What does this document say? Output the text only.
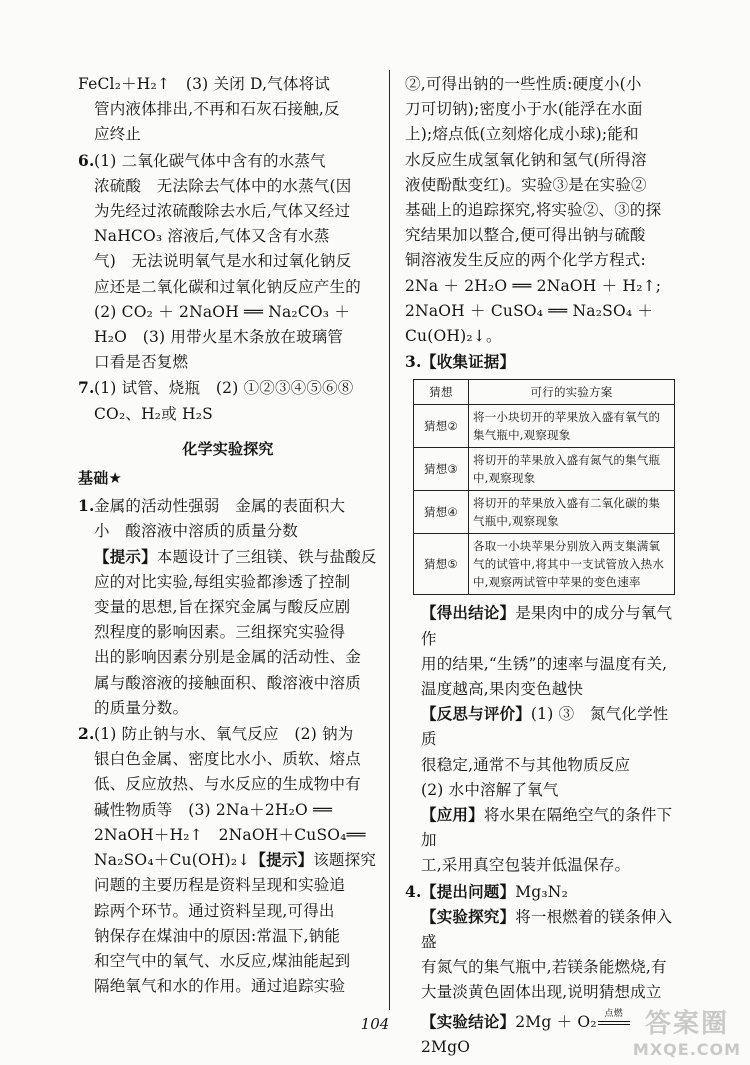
FeCl₂＋H₂↑　(3) 关闭 D,气体将试

管内液体排出,不再和石灰石接触,反

应终止

6.(1) 二氧化碳气体中含有的水蒸气

浓硫酸　无法除去气体中的水蒸气(因

为先经过浓硫酸除去水后,气体又经过

NaHCO₃ 溶液后,气体又含有水蒸

气)　无法说明氧气是水和过氧化钠反

应还是二氧化碳和过氧化钠反应产生的

(2) CO₂ ＋ 2NaOH ══ Na₂CO₃ ＋

H₂O　(3) 用带火星木条放在玻璃管

口看是否复燃

7.(1) 试管、烧瓶　(2) ①②③④⑤⑥⑧

CO₂、H₂或 H₂S

化学实验探究
基础★

1.金属的活动性强弱　金属的表面积大

小　酸溶液中溶质的质量分数

【提示】本题设计了三组镁、铁与盐酸反

应的对比实验,每组实验都渗透了控制

变量的思想,旨在探究金属与酸反应剧

烈程度的影响因素。三组探究实验得

出的影响因素分别是金属的活动性、金

属与酸溶液的接触面积、酸溶液中溶质

的质量分数。

2.(1) 防止钠与水、氧气反应　(2) 钠为

银白色金属、密度比水小、质软、熔点

低、反应放热、与水反应的生成物中有

碱性物质等　(3) 2Na＋2H₂O ══

2NaOH＋H₂↑　2NaOH＋CuSO₄══

Na₂SO₄＋Cu(OH)₂↓【提示】该题探究

问题的主要历程是资料呈现和实验追

踪两个环节。通过资料呈现,可得出

钠保存在煤油中的原因:常温下,钠能

和空气中的氧气、水反应,煤油能起到

隔绝氧气和水的作用。通过追踪实验

②,可得出钠的一些性质:硬度小(小

刀可切钠);密度小于水(能浮在水面

上);熔点低(立刻熔化成小球);能和

水反应生成氢氧化钠和氢气(所得溶

液使酚酞变红)。实验③是在实验②

基础上的追踪探究,将实验②、③的探

究结果加以整合,便可得出钠与硫酸

铜溶液发生反应的两个化学方程式:

2Na ＋ 2H₂O ══ 2NaOH ＋ H₂↑;

2NaOH ＋ CuSO₄ ══ Na₂SO₄ ＋

Cu(OH)₂↓。

3.【收集证据】

猜想	可行的实验方案
猜想②	将一小块切开的苹果放入盛有氧气的集气瓶中,观察现象
猜想③	将切开的苹果放入盛有氮气的集气瓶中,观察现象
猜想④	将切开的苹果放入盛有二氧化碳的集气瓶中,观察现象
猜想⑤	各取一小块苹果分别放入两支集满氧气的试管中,将其中一支试管放入热水中,观察两试管中苹果的变色速率

【得出结论】是果肉中的成分与氧气作

用的结果,“生锈”的速率与温度有关,

温度越高,果肉变色越快

【反思与评价】(1) ③　氮气化学性质

很稳定,通常不与其他物质反应

(2) 水中溶解了氧气

【应用】将水果在隔绝空气的条件下加

工,采用真空包装并低温保存。

4.【提出问题】Mg₃N₂

【实验探究】将一根燃着的镁条伸入盛

有氮气的集气瓶中,若镁条能燃烧,有

大量淡黄色固体出现,说明猜想成立

【实验结论】2Mg ＋ O₂ 点燃
2MgO

104	答案圈
MXQE.COM
